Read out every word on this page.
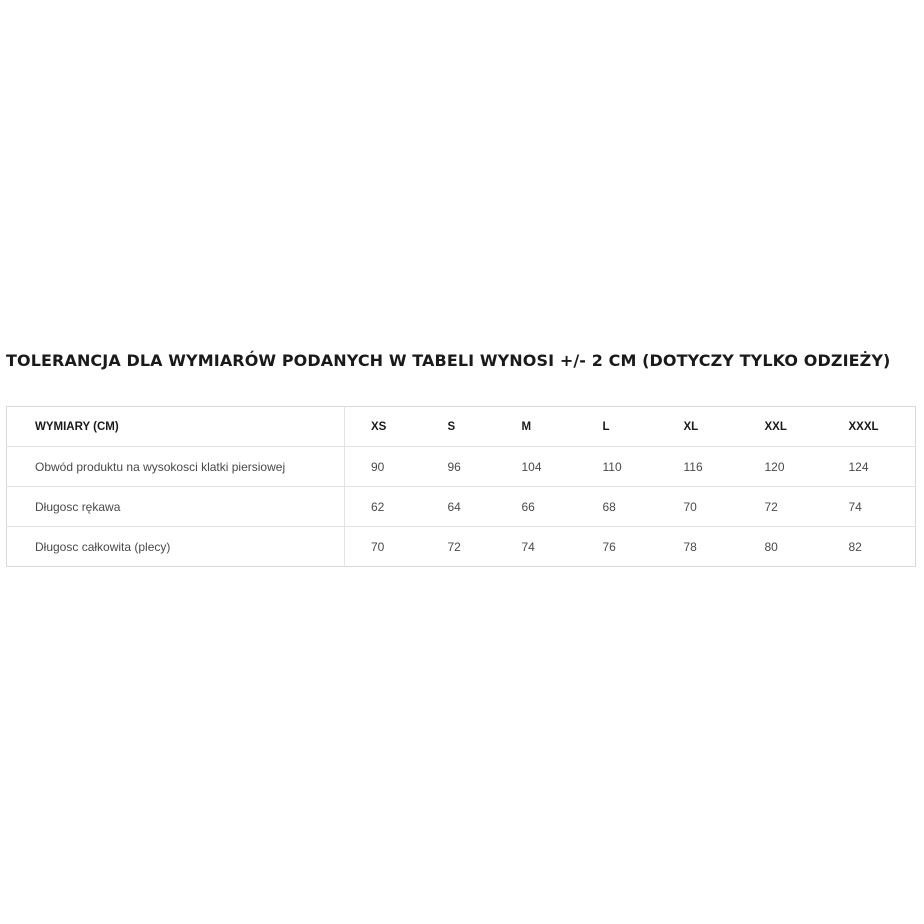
TOLERANCJA DLA WYMIARÓW PODANYCH W TABELI WYNOSI +/- 2 CM (DOTYCZY TYLKO ODZIEŻY)
WYMIARY (CM)	XS	S	M	L	XL	XXL	XXXL
Obwód produktu na wysokosci klatki piersiowej	90	96	104	110	116	120	124
Długosc rękawa	62	64	66	68	70	72	74
Długosc całkowita (plecy)	70	72	74	76	78	80	82
